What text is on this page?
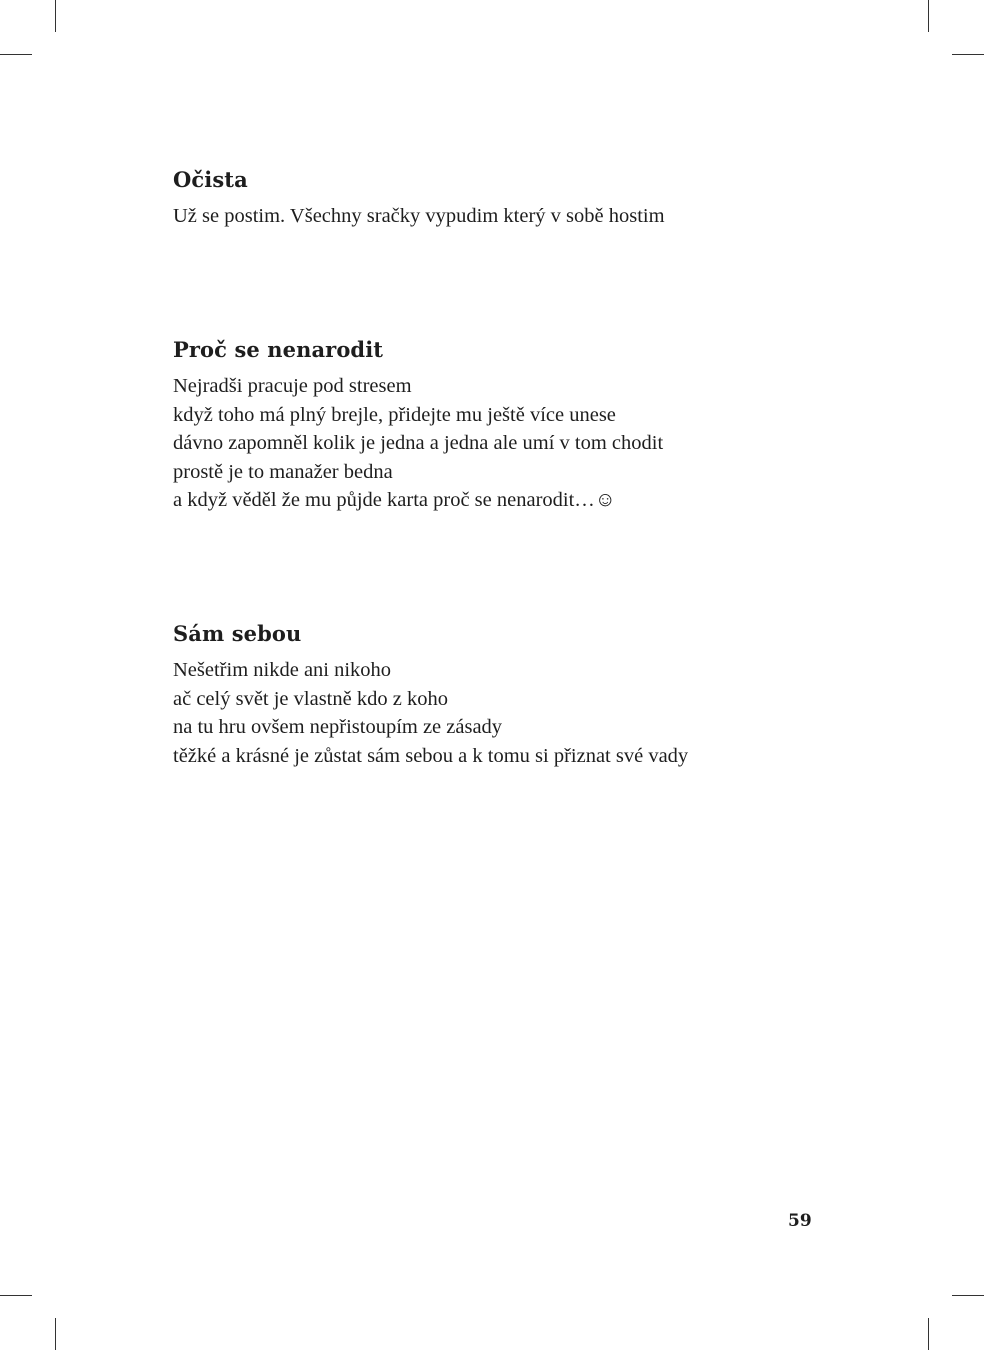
Očista

Už se postim. Všechny sračky vypudim který v sobě hostim

Proč se nenarodit

Nejradši pracuje pod stresem

když toho má plný brejle, přidejte mu ještě více unese

dávno zapomněl kolik je jedna a jedna ale umí v tom chodit

prostě je to manažer bedna

a když věděl že mu půjde karta proč se nenarodit…☺

Sám sebou

Nešetřim nikde ani nikoho

ač celý svět je vlastně kdo z koho

na tu hru ovšem nepřistoupím ze zásady

těžké a krásné je zůstat sám sebou a k tomu si přiznat své vady

59
